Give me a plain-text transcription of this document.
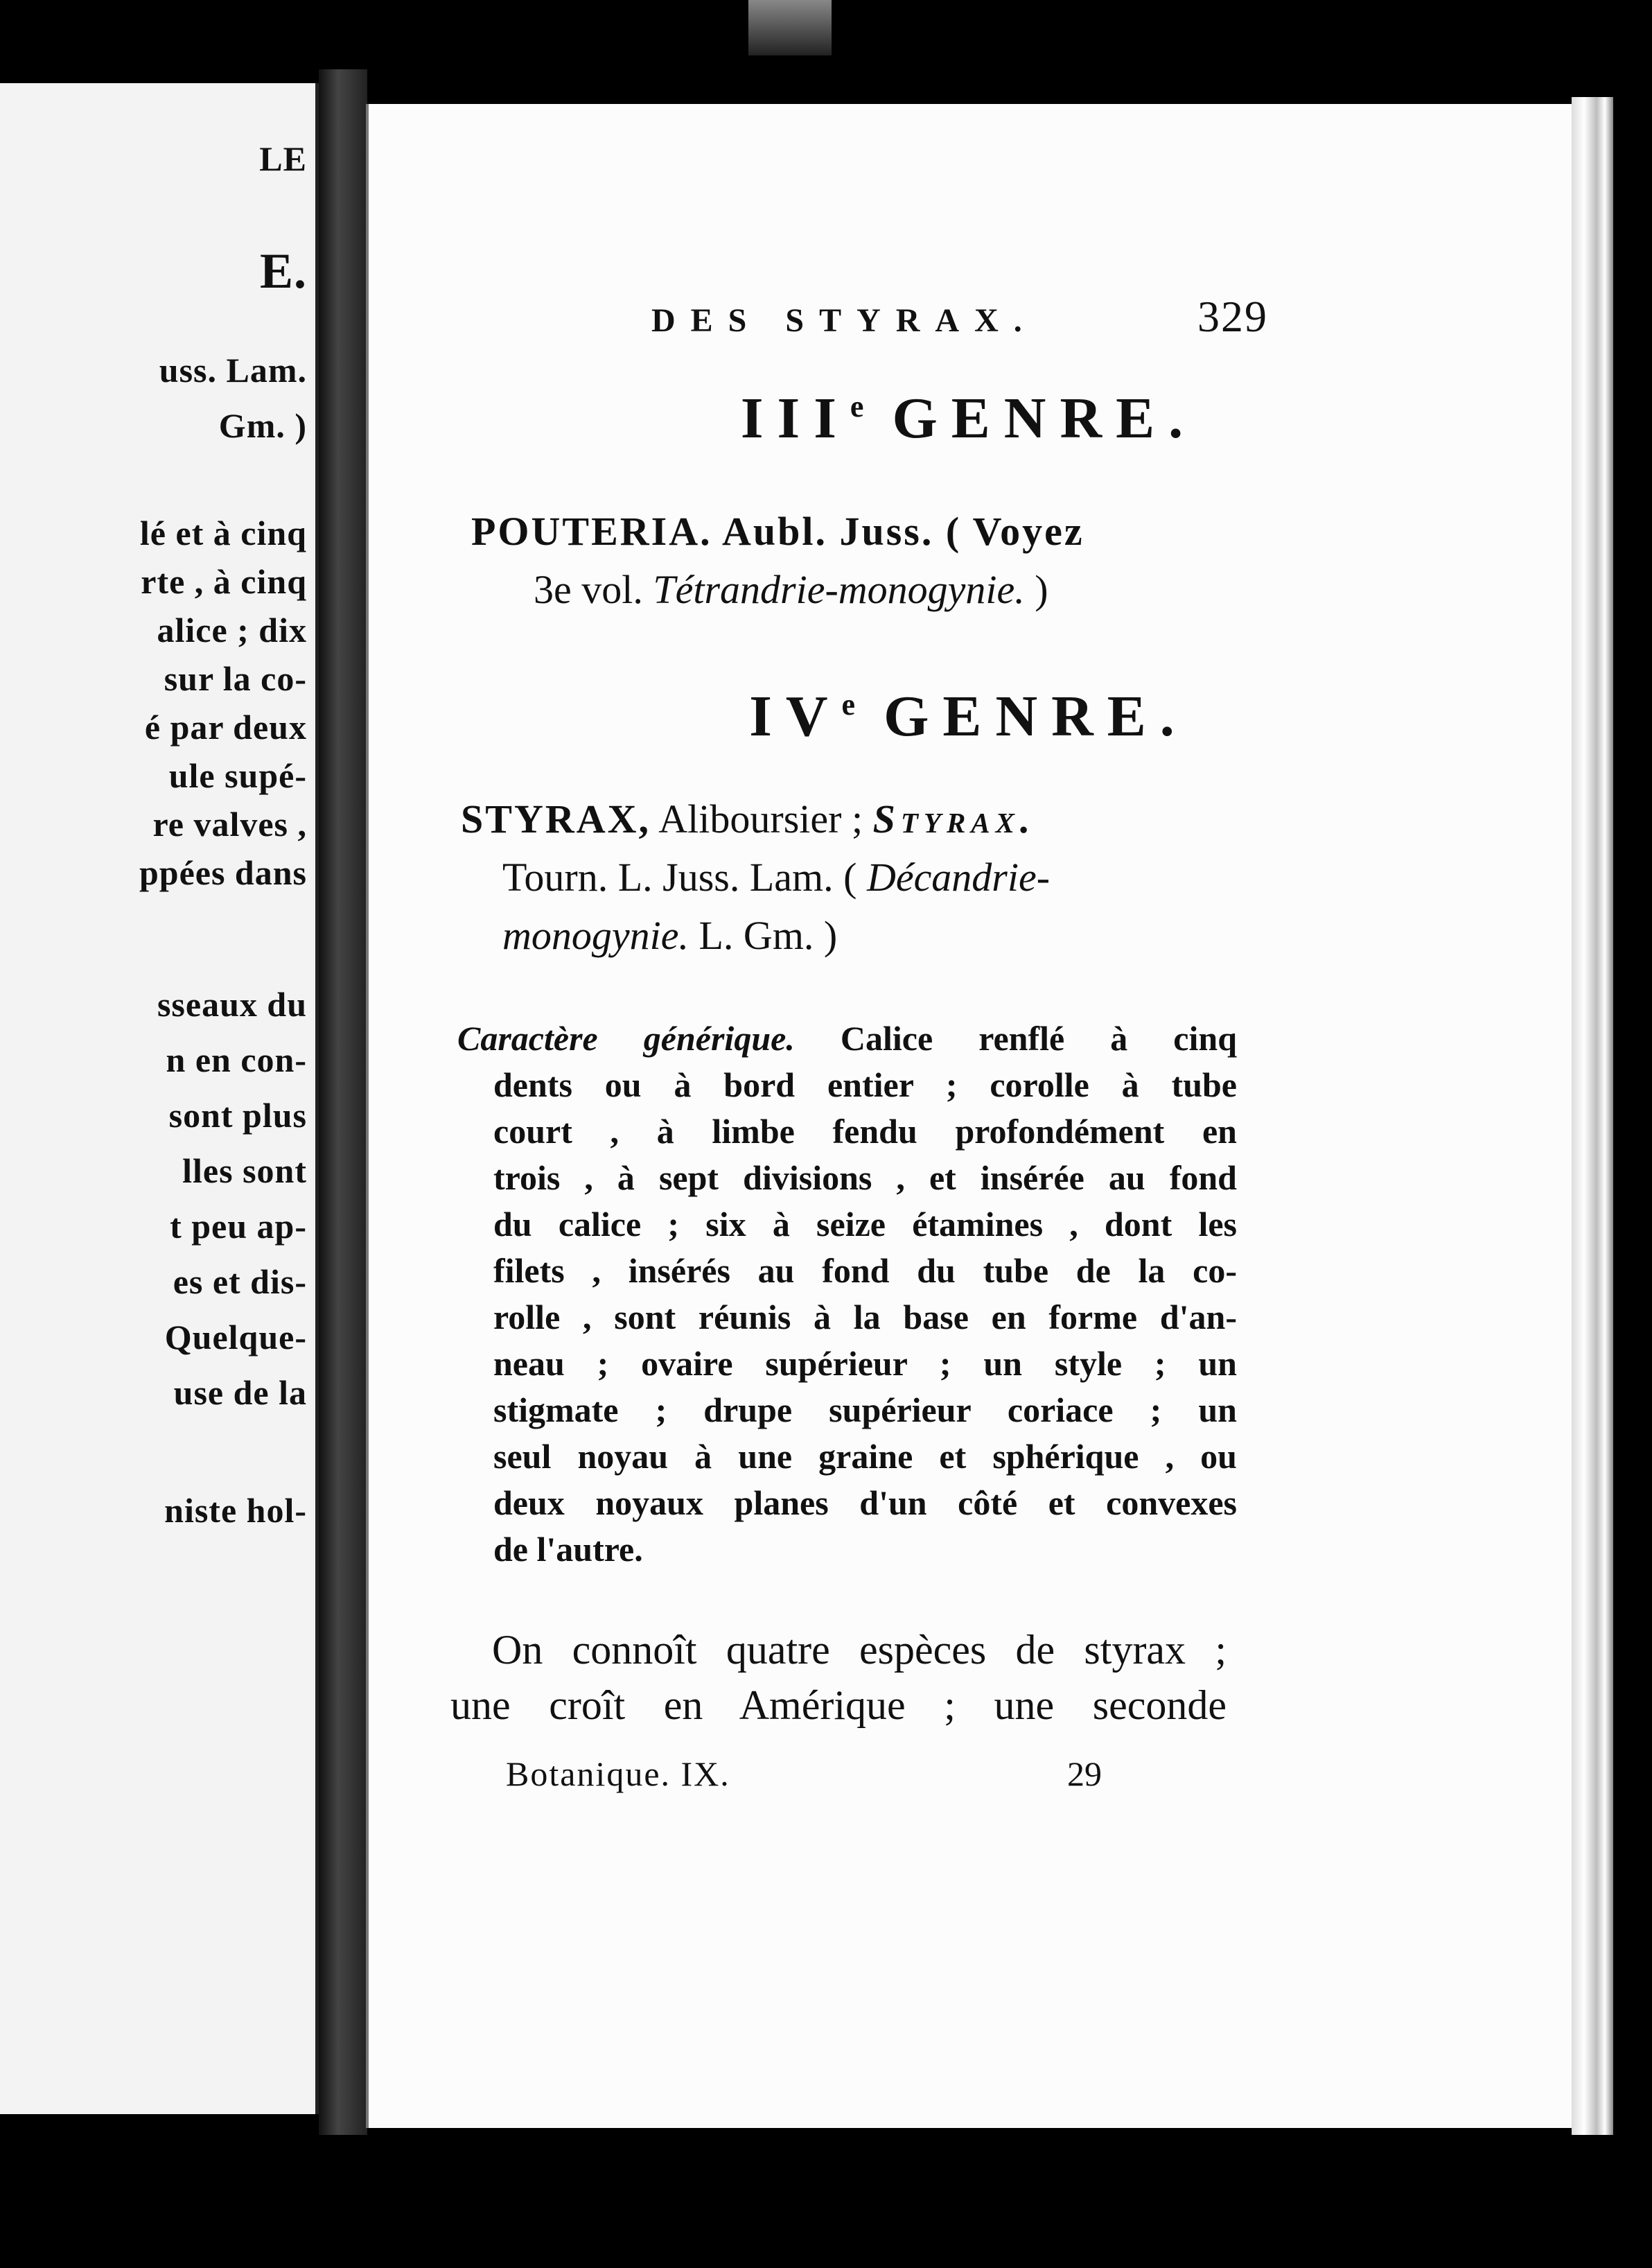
LE
E.
uss. Lam.
Gm. )
lé et à cinq
rte , à cinq
alice ; dix
sur la co-
é par deux
ule supé-
re valves ,
ppées dans
sseaux du
n en con-
sont plus
lles sont
t peu ap-
es et dis-
Quelque-
use de la
niste hol-
DES STYRAX.	329
IIIe GENRE.
POUTERIA. Aubl. Juss. ( Voyez
3e vol. Tétrandrie-monogynie. )
IVe GENRE.
STYRAX, Aliboursier ; Styrax.
Tourn. L. Juss. Lam. ( Décandrie-
monogynie. L. Gm. )
Caractère générique. Calice renflé à cinq
dents ou à bord entier ; corolle à tube
court , à limbe fendu profondément en
trois , à sept divisions , et insérée au fond
du calice ; six à seize étamines , dont les
filets , insérés au fond du tube de la co-
rolle , sont réunis à la base en forme d'an-
neau ; ovaire supérieur ; un style ; un
stigmate ; drupe supérieur coriace ; un
seul noyau à une graine et sphérique , ou
deux noyaux planes d'un côté et convexes
de l'autre.
On connoît quatre espèces de styrax ;
une croît en Amérique ; une seconde
Botanique. IX.	29
